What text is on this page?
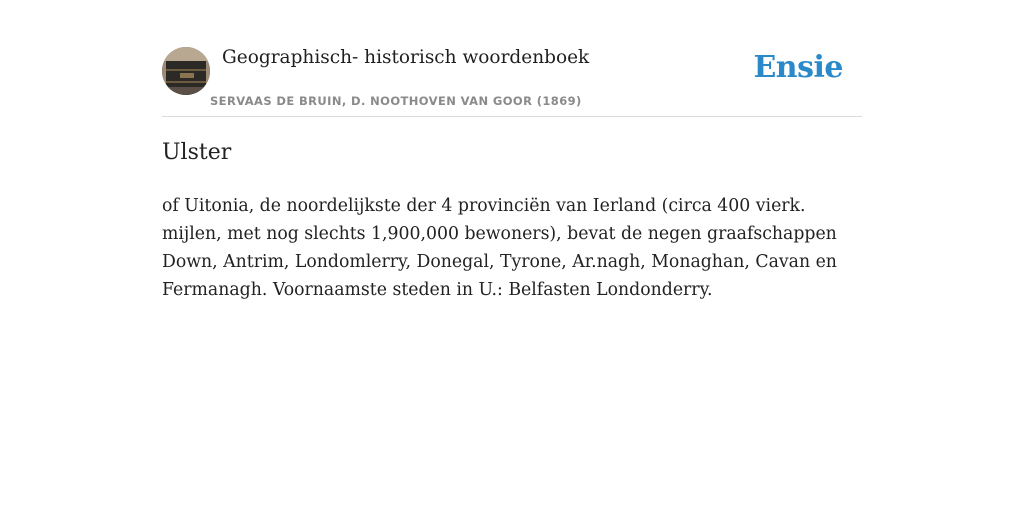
Geographisch- historisch woordenboek
SERVAAS DE BRUIN, D. NOOTHOVEN VAN GOOR (1869)
Ensie
Ulster

of Uitonia, de noordelijkste der 4 provinciën van Ierland (circa 400 vierk. mijlen, met nog slechts 1,900,000 bewoners), bevat de negen graafschappen Down, Antrim, Londomlerry, Donegal, Tyrone, Ar.nagh, Monaghan, Cavan en Fermanagh. Voornaamste steden in U.: Belfasten Londonderry.
